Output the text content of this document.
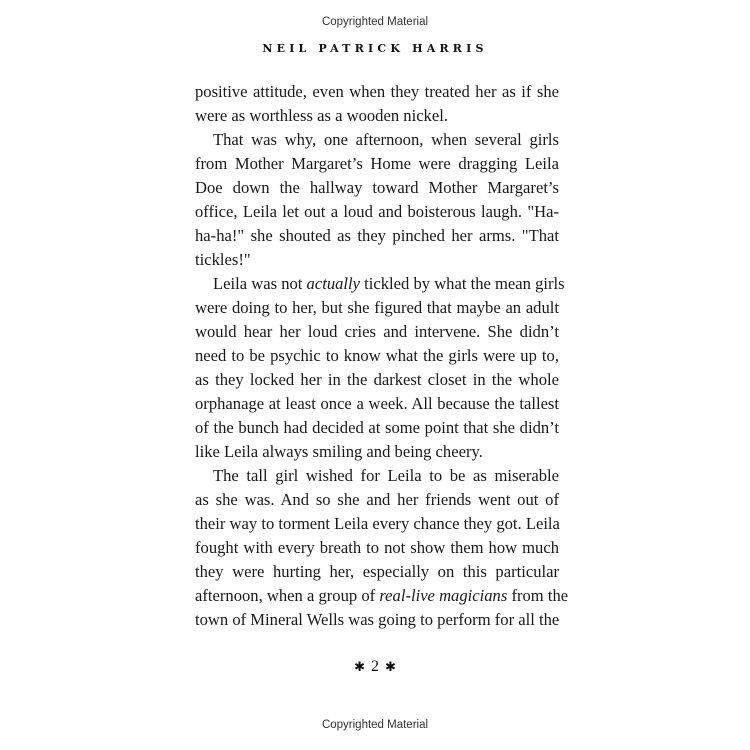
Copyrighted Material
NEIL PATRICK HARRIS
positive attitude, even when they treated her as if she
were as worthless as a wooden nickel.
That was why, one afternoon, when several girls
from Mother Margaret’s Home were dragging Leila
Doe down the hallway toward Mother Margaret’s
office, Leila let out a loud and boisterous laugh. "Ha-
ha-ha!" she shouted as they pinched her arms. "That
tickles!"
Leila was not actually tickled by what the mean girls
were doing to her, but she figured that maybe an adult
would hear her loud cries and intervene. She didn’t
need to be psychic to know what the girls were up to,
as they locked her in the darkest closet in the whole
orphanage at least once a week. All because the tallest
of the bunch had decided at some point that she didn’t
like Leila always smiling and being cheery.
The tall girl wished for Leila to be as miserable
as she was. And so she and her friends went out of
their way to torment Leila every chance they got. Leila
fought with every breath to not show them how much
they were hurting her, especially on this particular
afternoon, when a group of real-live magicians from the
town of Mineral Wells was going to perform for all the
✱ 2 ✱
Copyrighted Material
